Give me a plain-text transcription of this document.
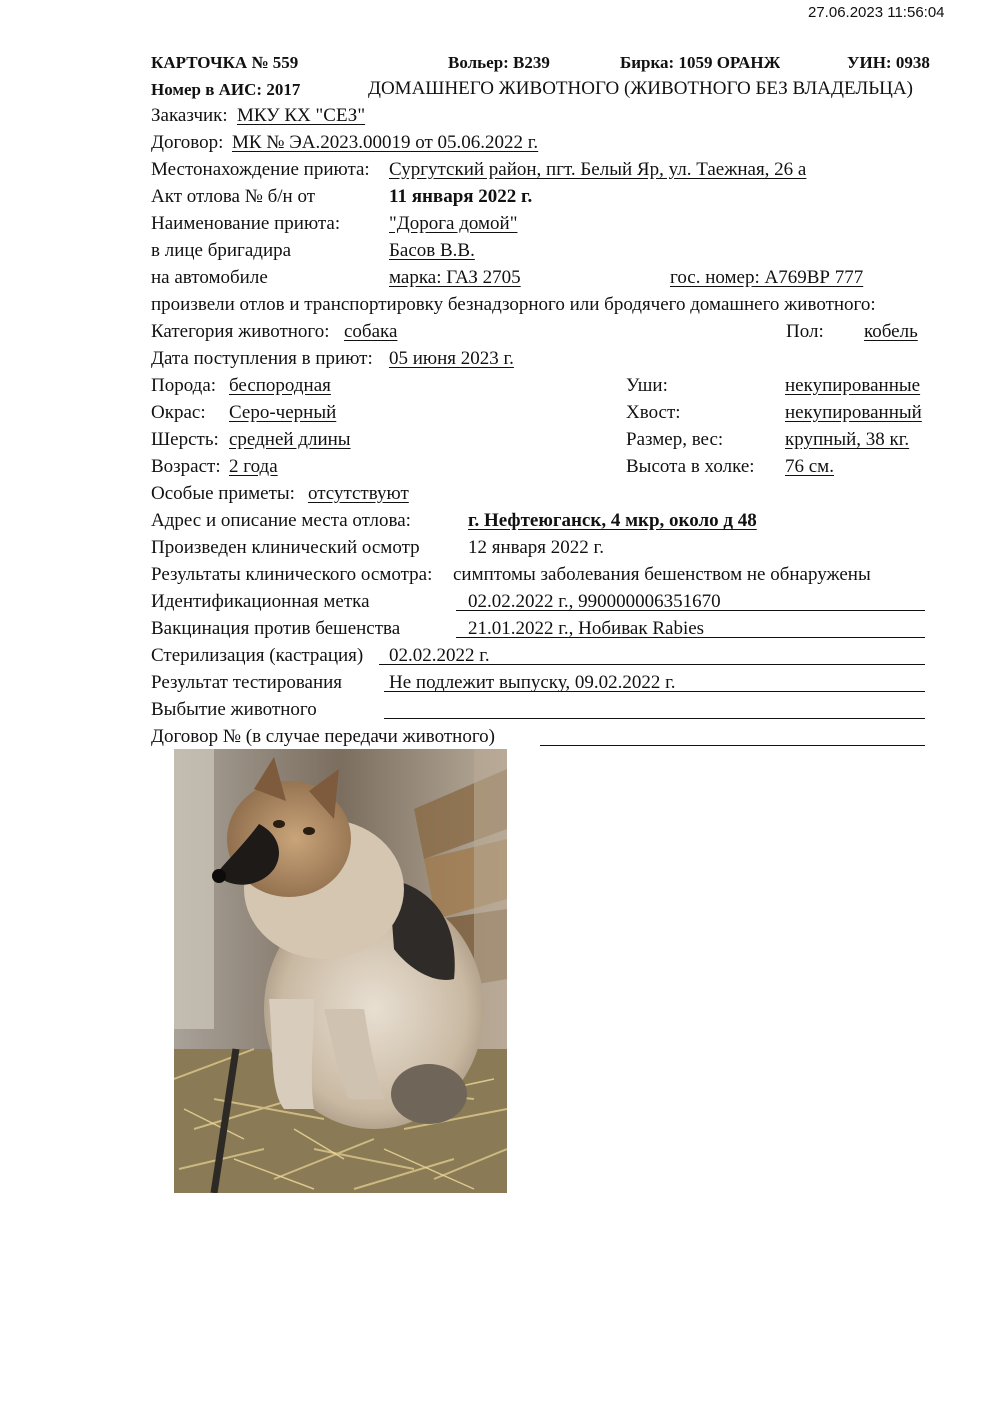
27.06.2023 11:56:04
КАРТОЧКА № 559	Вольер: В239	Бирка: 1059 ОРАНЖ	УИН: 0938
Номер в АИС: 2017	ДОМАШНЕГО ЖИВОТНОГО (ЖИВОТНОГО БЕЗ ВЛАДЕЛЬЦА)
Заказчик: МКУ КХ "СЕЗ"
Договор: МК № ЭА.2023.00019 от 05.06.2022 г.
Местонахождение приюта: Сургутский район, пгт. Белый Яр, ул. Таежная, 26 а
Акт отлова № б/н от	11 января 2022 г.
Наименование приюта:	"Дорога домой"
в лице бригадира	Басов В.В.
на автомобиле	марка: ГАЗ 2705	гос. номер: А769ВР 777
произвели отлов и транспортировку безнадзорного или бродячего домашнего животного:
Категория животного: собака	Пол: кобель
Дата поступления в приют: 05 июня 2023 г.
Порода: беспородная	Уши:	некупированные
Окрас: Серо-черный	Хвост:	некупированный
Шерсть: средней длины	Размер, вес:	крупный, 38 кг.
Возраст: 2 года	Высота в холке: 76 см.
Особые приметы: отсутствуют
Адрес и описание места отлова:	г. Нефтеюганск, 4 мкр, около д 48
Произведен клинический осмотр	12 января 2022 г.
Результаты клинического осмотра: симптомы заболевания бешенством не обнаружены
Идентификационная метка	02.02.2022 г., 990000006351670
Вакцинация против бешенства	21.01.2022 г., Нобивак Rabies
Стерилизация (кастрация) 02.02.2022 г.
Результат тестирования Не подлежит выпуску, 09.02.2022 г.
Выбытие животного
Договор № (в случае передачи животного)
